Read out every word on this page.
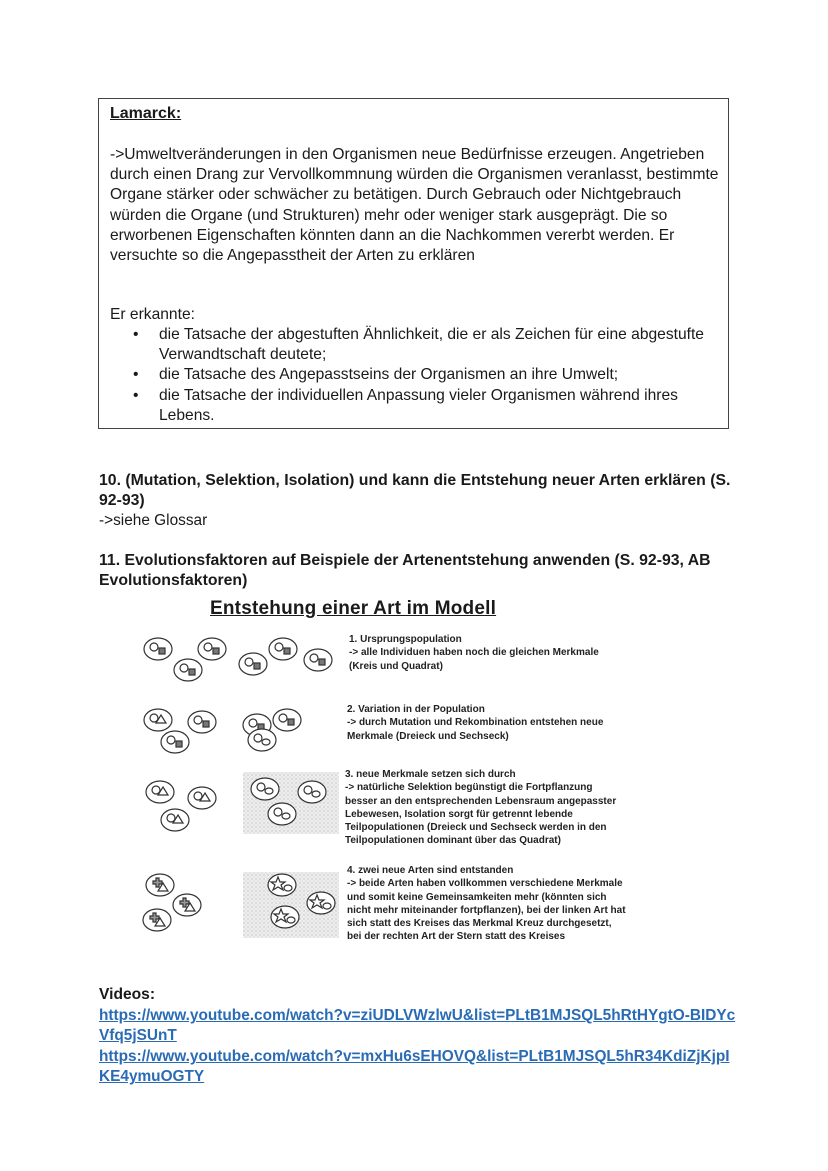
Lamarck:

->Umweltveränderungen in den Organismen neue Bedürfnisse erzeugen. Angetrieben durch einen Drang zur Vervollkommnung würden die Organismen veranlasst, bestimmte Organe stärker oder schwächer zu betätigen. Durch Gebrauch oder Nichtgebrauch würden die Organe (und Strukturen) mehr oder weniger stark ausgeprägt. Die so erworbenen Eigenschaften könnten dann an die Nachkommen vererbt werden. Er versuchte so die Angepasstheit der Arten zu erklären

Er erkannte:
• die Tatsache der abgestuften Ähnlichkeit, die er als Zeichen für eine abgestufte Verwandtschaft deutete;
• die Tatsache des Angepasstseins der Organismen an ihre Umwelt;
• die Tatsache der individuellen Anpassung vieler Organismen während ihres Lebens.
10. (Mutation, Selektion, Isolation) und kann die Entstehung neuer Arten erklären (S. 92-93)
->siehe Glossar
11. Evolutionsfaktoren auf Beispiele der Artenentstehung anwenden (S. 92-93, AB Evolutionsfaktoren)
Entstehung einer Art im Modell
1. Ursprungspopulation
-> alle Individuen haben noch die gleichen Merkmale
(Kreis und Quadrat)
2. Variation in der Population
-> durch Mutation und Rekombination entstehen neue
Merkmale (Dreieck und Sechseck)
3. neue Merkmale setzen sich durch
-> natürliche Selektion begünstigt die Fortpflanzung
besser an den entsprechenden Lebensraum angepasster
Lebewesen, Isolation sorgt für getrennt lebende
Teilpopulationen (Dreieck und Sechseck werden in den
Teilpopulationen dominant über das Quadrat)
4. zwei neue Arten sind entstanden
-> beide Arten haben vollkommen verschiedene Merkmale
und somit keine Gemeinsamkeiten mehr (könnten sich
nicht mehr miteinander fortpflanzen), bei der linken Art hat
sich statt des Kreises das Merkmal Kreuz durchgesetzt,
bei der rechten Art der Stern statt des Kreises
Videos:
https://www.youtube.com/watch?v=ziUDLVWzlwU&list=PLtB1MJSQL5hRtHYgtO-BIDYcVfq5jSUnT
https://www.youtube.com/watch?v=mxHu6sEHOVQ&list=PLtB1MJSQL5hR34KdiZjKjpIKE4ymuOGTY
